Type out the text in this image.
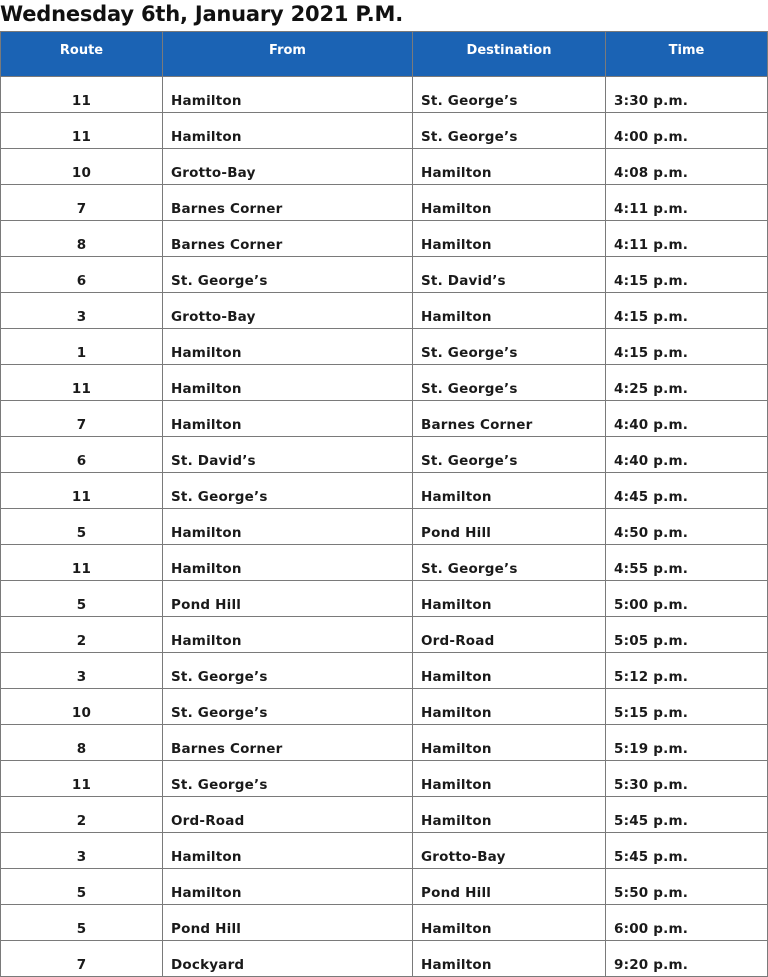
Wednesday 6th, January 2021 P.M.
Route	From	Destination	Time
11	Hamilton	St. George’s	3:30 p.m.
11	Hamilton	St. George’s	4:00 p.m.
10	Grotto-Bay	Hamilton	4:08 p.m.
7	Barnes Corner	Hamilton	4:11 p.m.
8	Barnes Corner	Hamilton	4:11 p.m.
6	St. George’s	St. David’s	4:15 p.m.
3	Grotto-Bay	Hamilton	4:15 p.m.
1	Hamilton	St. George’s	4:15 p.m.
11	Hamilton	St. George’s	4:25 p.m.
7	Hamilton	Barnes Corner	4:40 p.m.
6	St. David’s	St. George’s	4:40 p.m.
11	St. George’s	Hamilton	4:45 p.m.
5	Hamilton	Pond Hill	4:50 p.m.
11	Hamilton	St. George’s	4:55 p.m.
5	Pond Hill	Hamilton	5:00 p.m.
2	Hamilton	Ord-Road	5:05 p.m.
3	St. George’s	Hamilton	5:12 p.m.
10	St. George’s	Hamilton	5:15 p.m.
8	Barnes Corner	Hamilton	5:19 p.m.
11	St. George’s	Hamilton	5:30 p.m.
2	Ord-Road	Hamilton	5:45 p.m.
3	Hamilton	Grotto-Bay	5:45 p.m.
5	Hamilton	Pond Hill	5:50 p.m.
5	Pond Hill	Hamilton	6:00 p.m.
7	Dockyard	Hamilton	9:20 p.m.
